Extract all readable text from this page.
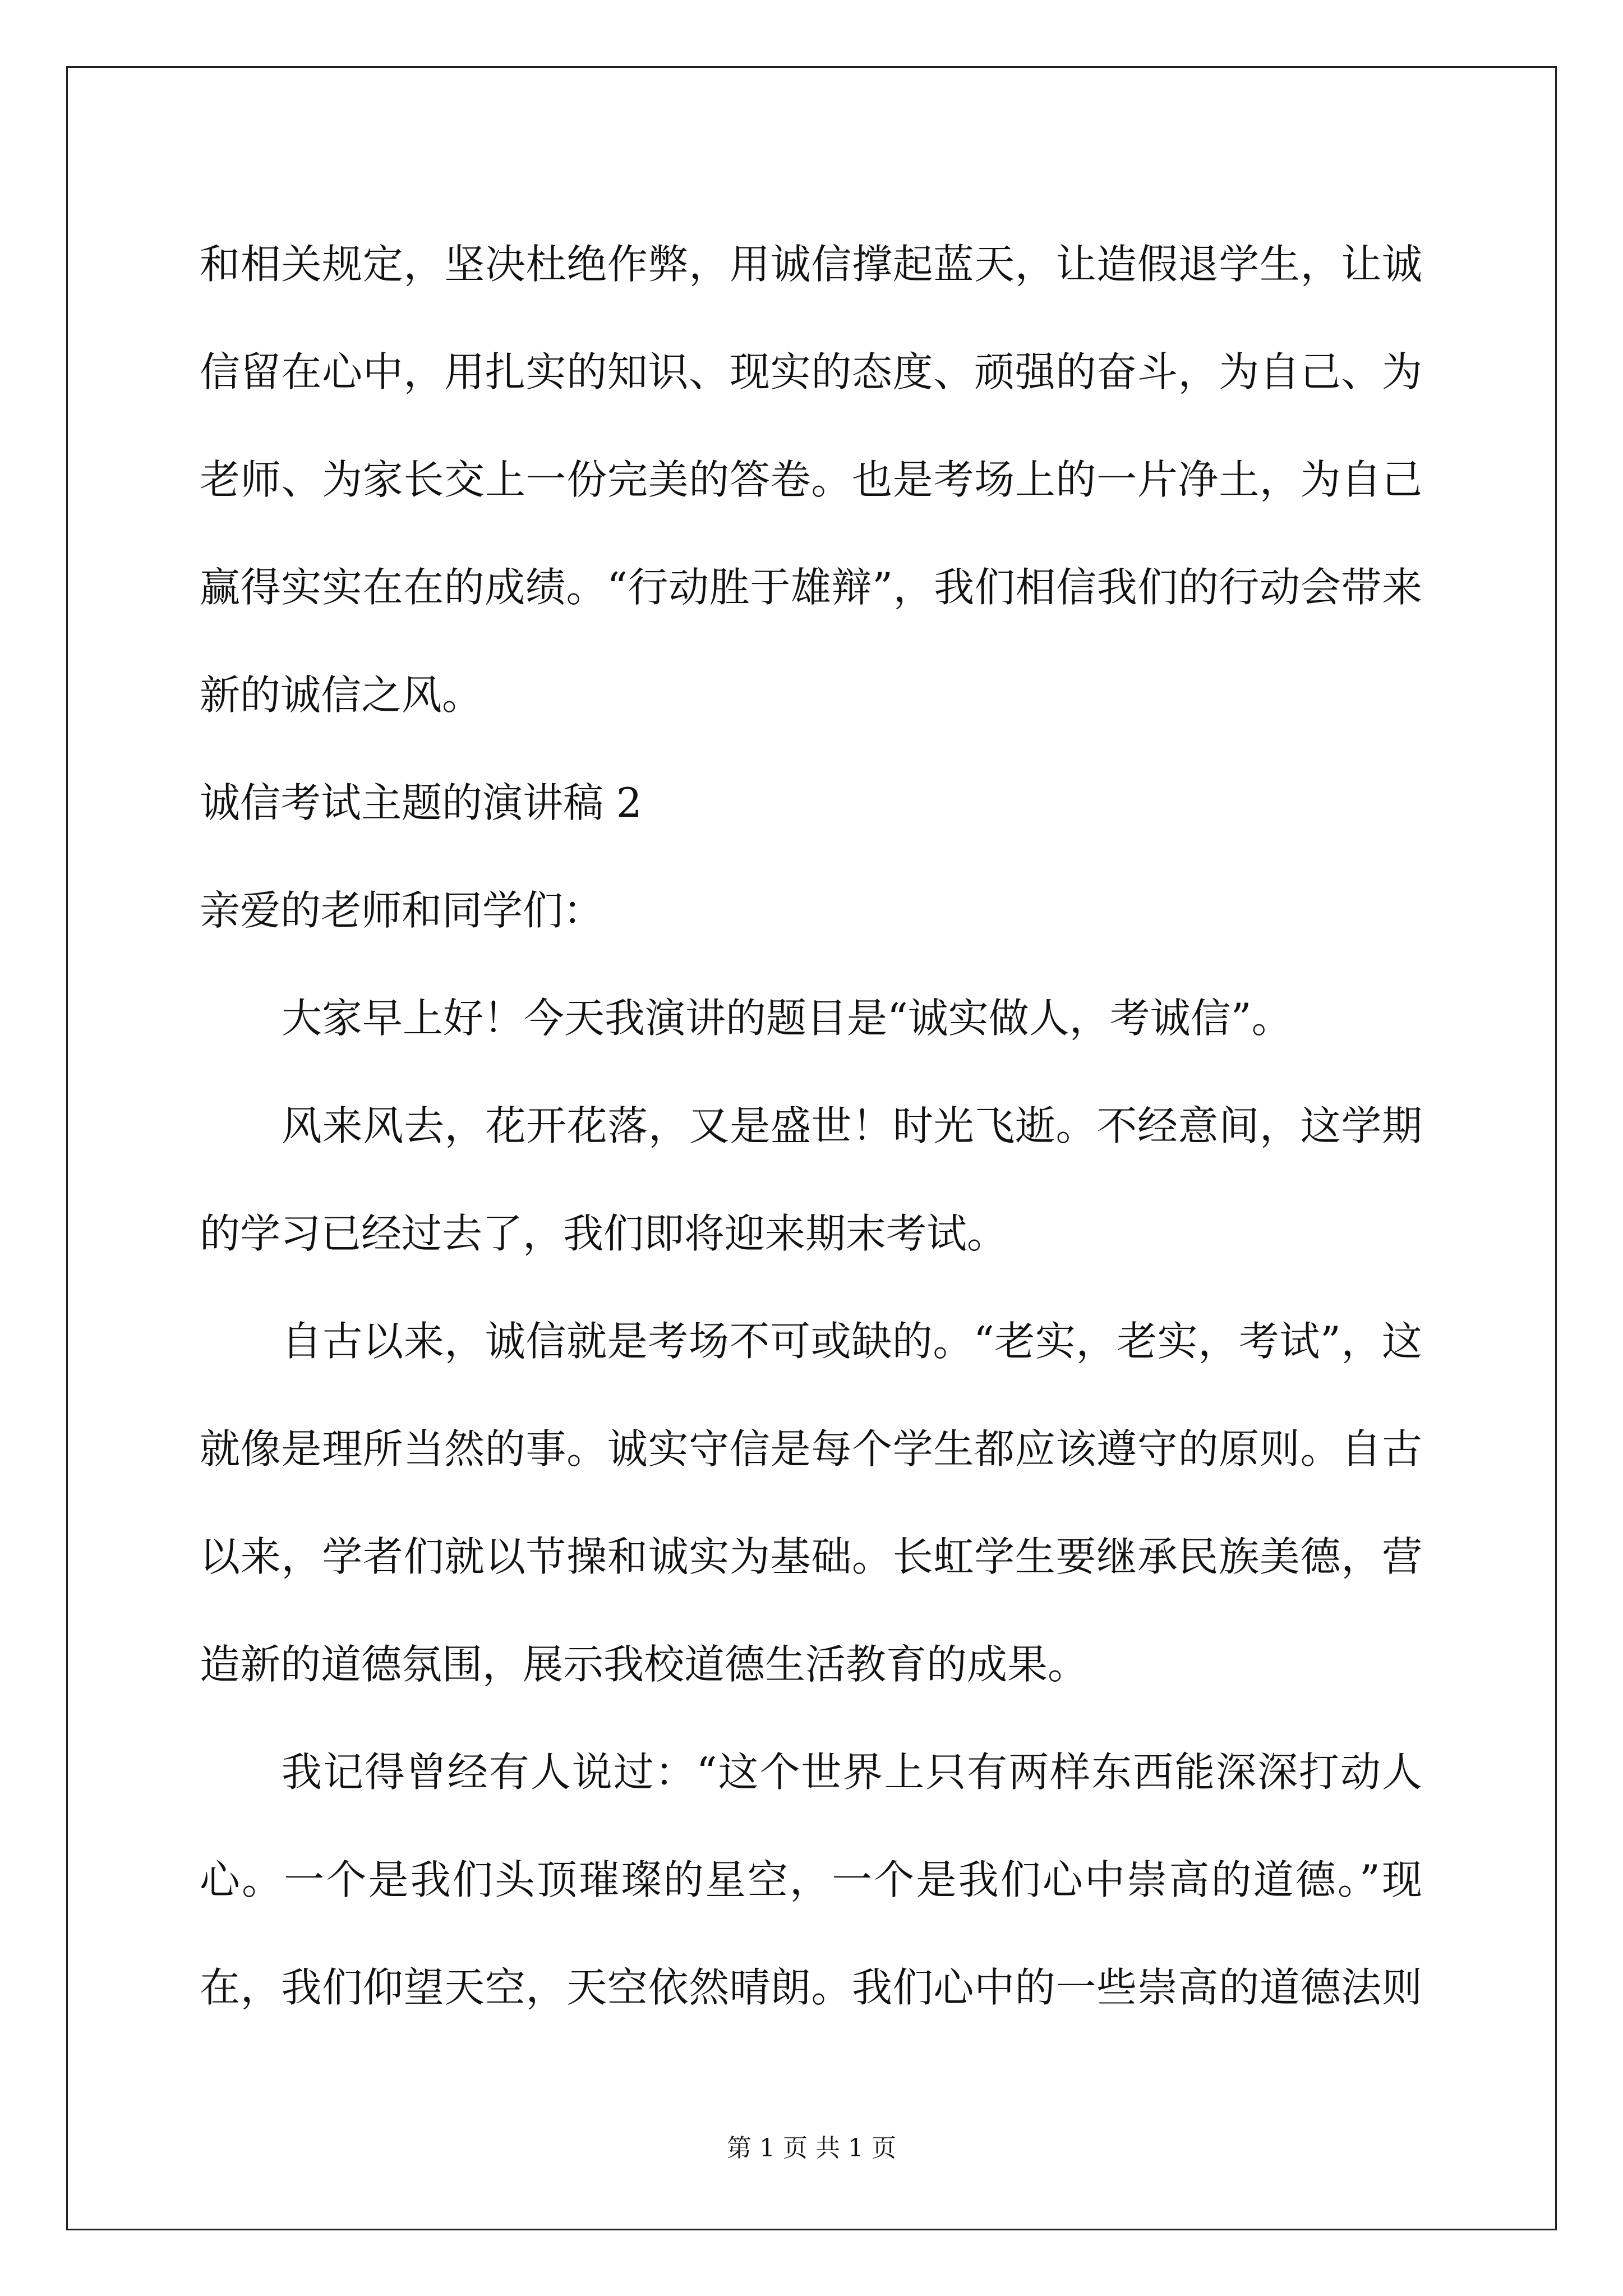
和相关规定，坚决杜绝作弊，用诚信撑起蓝天，让造假退学生，让诚
信留在心中，用扎实的知识、现实的态度、顽强的奋斗，为自己、为
老师、为家长交上一份完美的答卷。也是考场上的一片净土，为自己
赢得实实在在的成绩。“行动胜于雄辩”，我们相信我们的行动会带来
新的诚信之风。
诚信考试主题的演讲稿 2
亲爱的老师和同学们：
大家早上好！今天我演讲的题目是“诚实做人，考诚信”。
风来风去，花开花落，又是盛世！时光飞逝。不经意间，这学期
的学习已经过去了，我们即将迎来期末考试。
自古以来，诚信就是考场不可或缺的。“老实，老实，考试”，这
就像是理所当然的事。诚实守信是每个学生都应该遵守的原则。自古
以来，学者们就以节操和诚实为基础。长虹学生要继承民族美德，营
造新的道德氛围，展示我校道德生活教育的成果。
我记得曾经有人说过：“这个世界上只有两样东西能深深打动人
心。一个是我们头顶璀璨的星空，一个是我们心中崇高的道德。”现
在，我们仰望天空，天空依然晴朗。我们心中的一些崇高的道德法则
第 1 页 共 1 页
